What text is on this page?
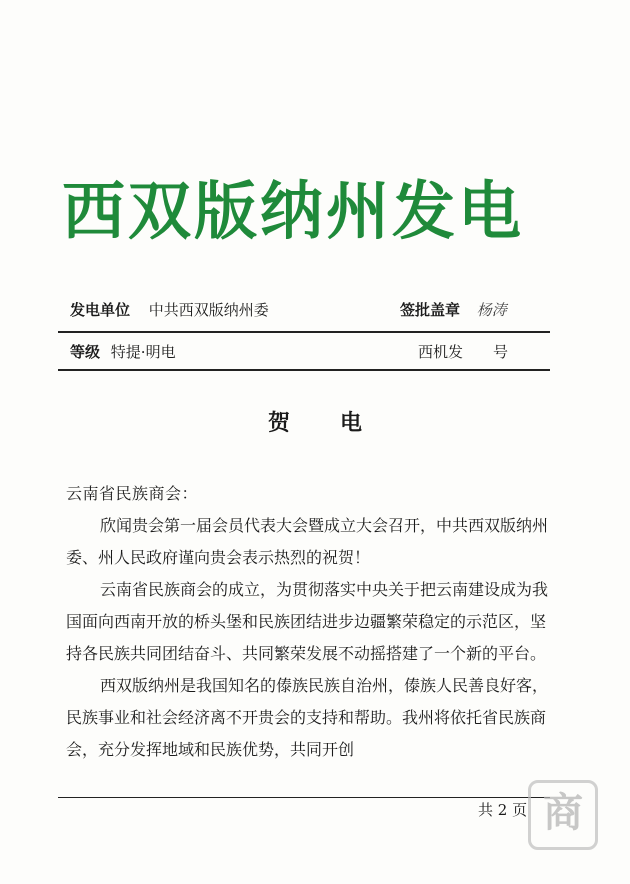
西双版纳州发电
发电单位 中共西双版纳州委	签批盖章 杨涛
等级 特提·明电	西机发　　号
贺电

云南省民族商会：

欣闻贵会第一届会员代表大会暨成立大会召开，中共西双版纳州委、州人民政府谨向贵会表示热烈的祝贺！

云南省民族商会的成立，为贯彻落实中央关于把云南建设成为我国面向西南开放的桥头堡和民族团结进步边疆繁荣稳定的示范区，坚持各民族共同团结奋斗、共同繁荣发展不动摇搭建了一个新的平台。

西双版纳州是我国知名的傣族民族自治州，傣族人民善良好客，民族事业和社会经济离不开贵会的支持和帮助。我州将依托省民族商会，充分发挥地域和民族优势，共同开创

共 2 页 商
